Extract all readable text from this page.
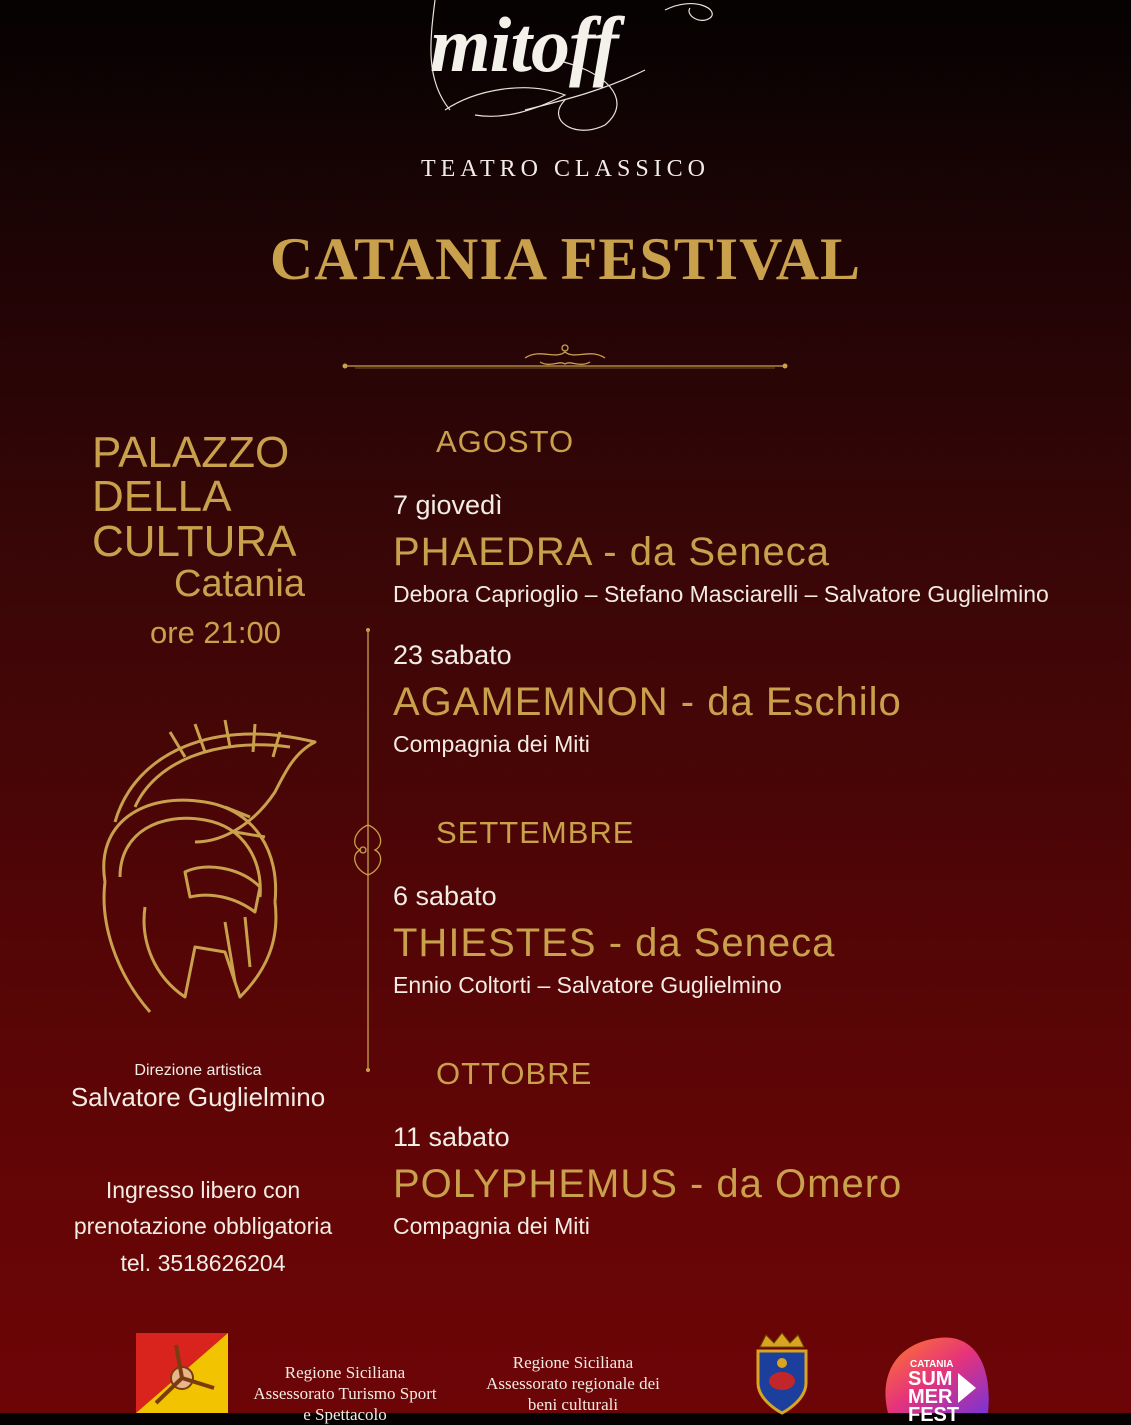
mitoff
TEATRO CLASSICO
CATANIA FESTIVAL
PALAZZO
DELLA
CULTURA
Catania
ore 21:00
Direzione artistica
Salvatore Guglielmino
Ingresso libero con
prenotazione obbligatoria
tel. 3518626204
AGOSTO
7 giovedì
PHAEDRA - da Seneca
Debora Caprioglio – Stefano Masciarelli – Salvatore Guglielmino
23 sabato
AGAMEMNON - da Eschilo
Compagnia dei Miti
SETTEMBRE
6 sabato
THIESTES - da Seneca
Ennio Coltorti – Salvatore Guglielmino
OTTOBRE
11 sabato
POLYPHEMUS - da Omero
Compagnia dei Miti
Regione Siciliana
Assessorato Turismo Sport
e Spettacolo
Regione Siciliana
Assessorato regionale dei
beni culturali
CATANIA
SUM
MER
FEST
